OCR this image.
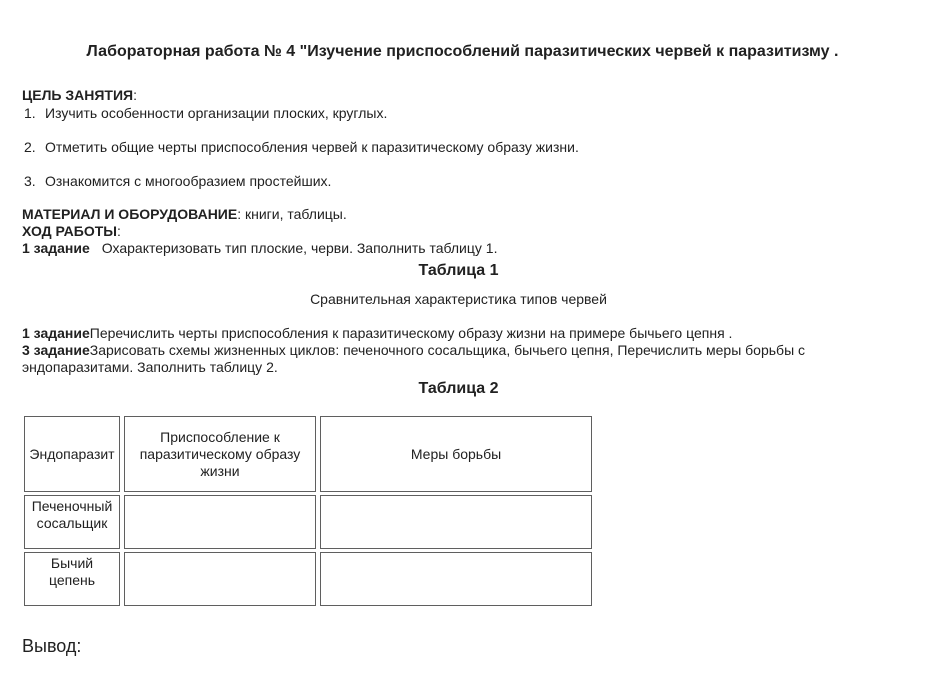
Лабораторная работа № 4 "Изучение приспособлений паразитических червей к паразитизму .
ЦЕЛЬ ЗАНЯТИЯ:
1. Изучить особенности организации плоских, круглых.
2. Отметить общие черты приспособления червей к паразитическому образу жизни.
3. Ознакомится с многообразием простейших.
МАТЕРИАЛ И ОБОРУДОВАНИЕ: книги, таблицы.
ХОД РАБОТЫ:
1 задание Охарактеризовать тип плоские, черви. Заполнить таблицу 1.
Таблица 1
Сравнительная характеристика типов червей
1 заданиеПеречислить черты приспособления к паразитическому образу жизни на примере бычьего цепня .
3 заданиеЗарисовать схемы жизненных циклов: печеночного сосальщика, бычьего цепня, Перечислить меры борьбы с эндопаразитами. Заполнить таблицу 2.
Таблица 2
Эндопаразит	Приспособление к паразитическому образу жизни	Меры борьбы
Печеночный сосальщик		
Бычий цепень		
Вывод:
